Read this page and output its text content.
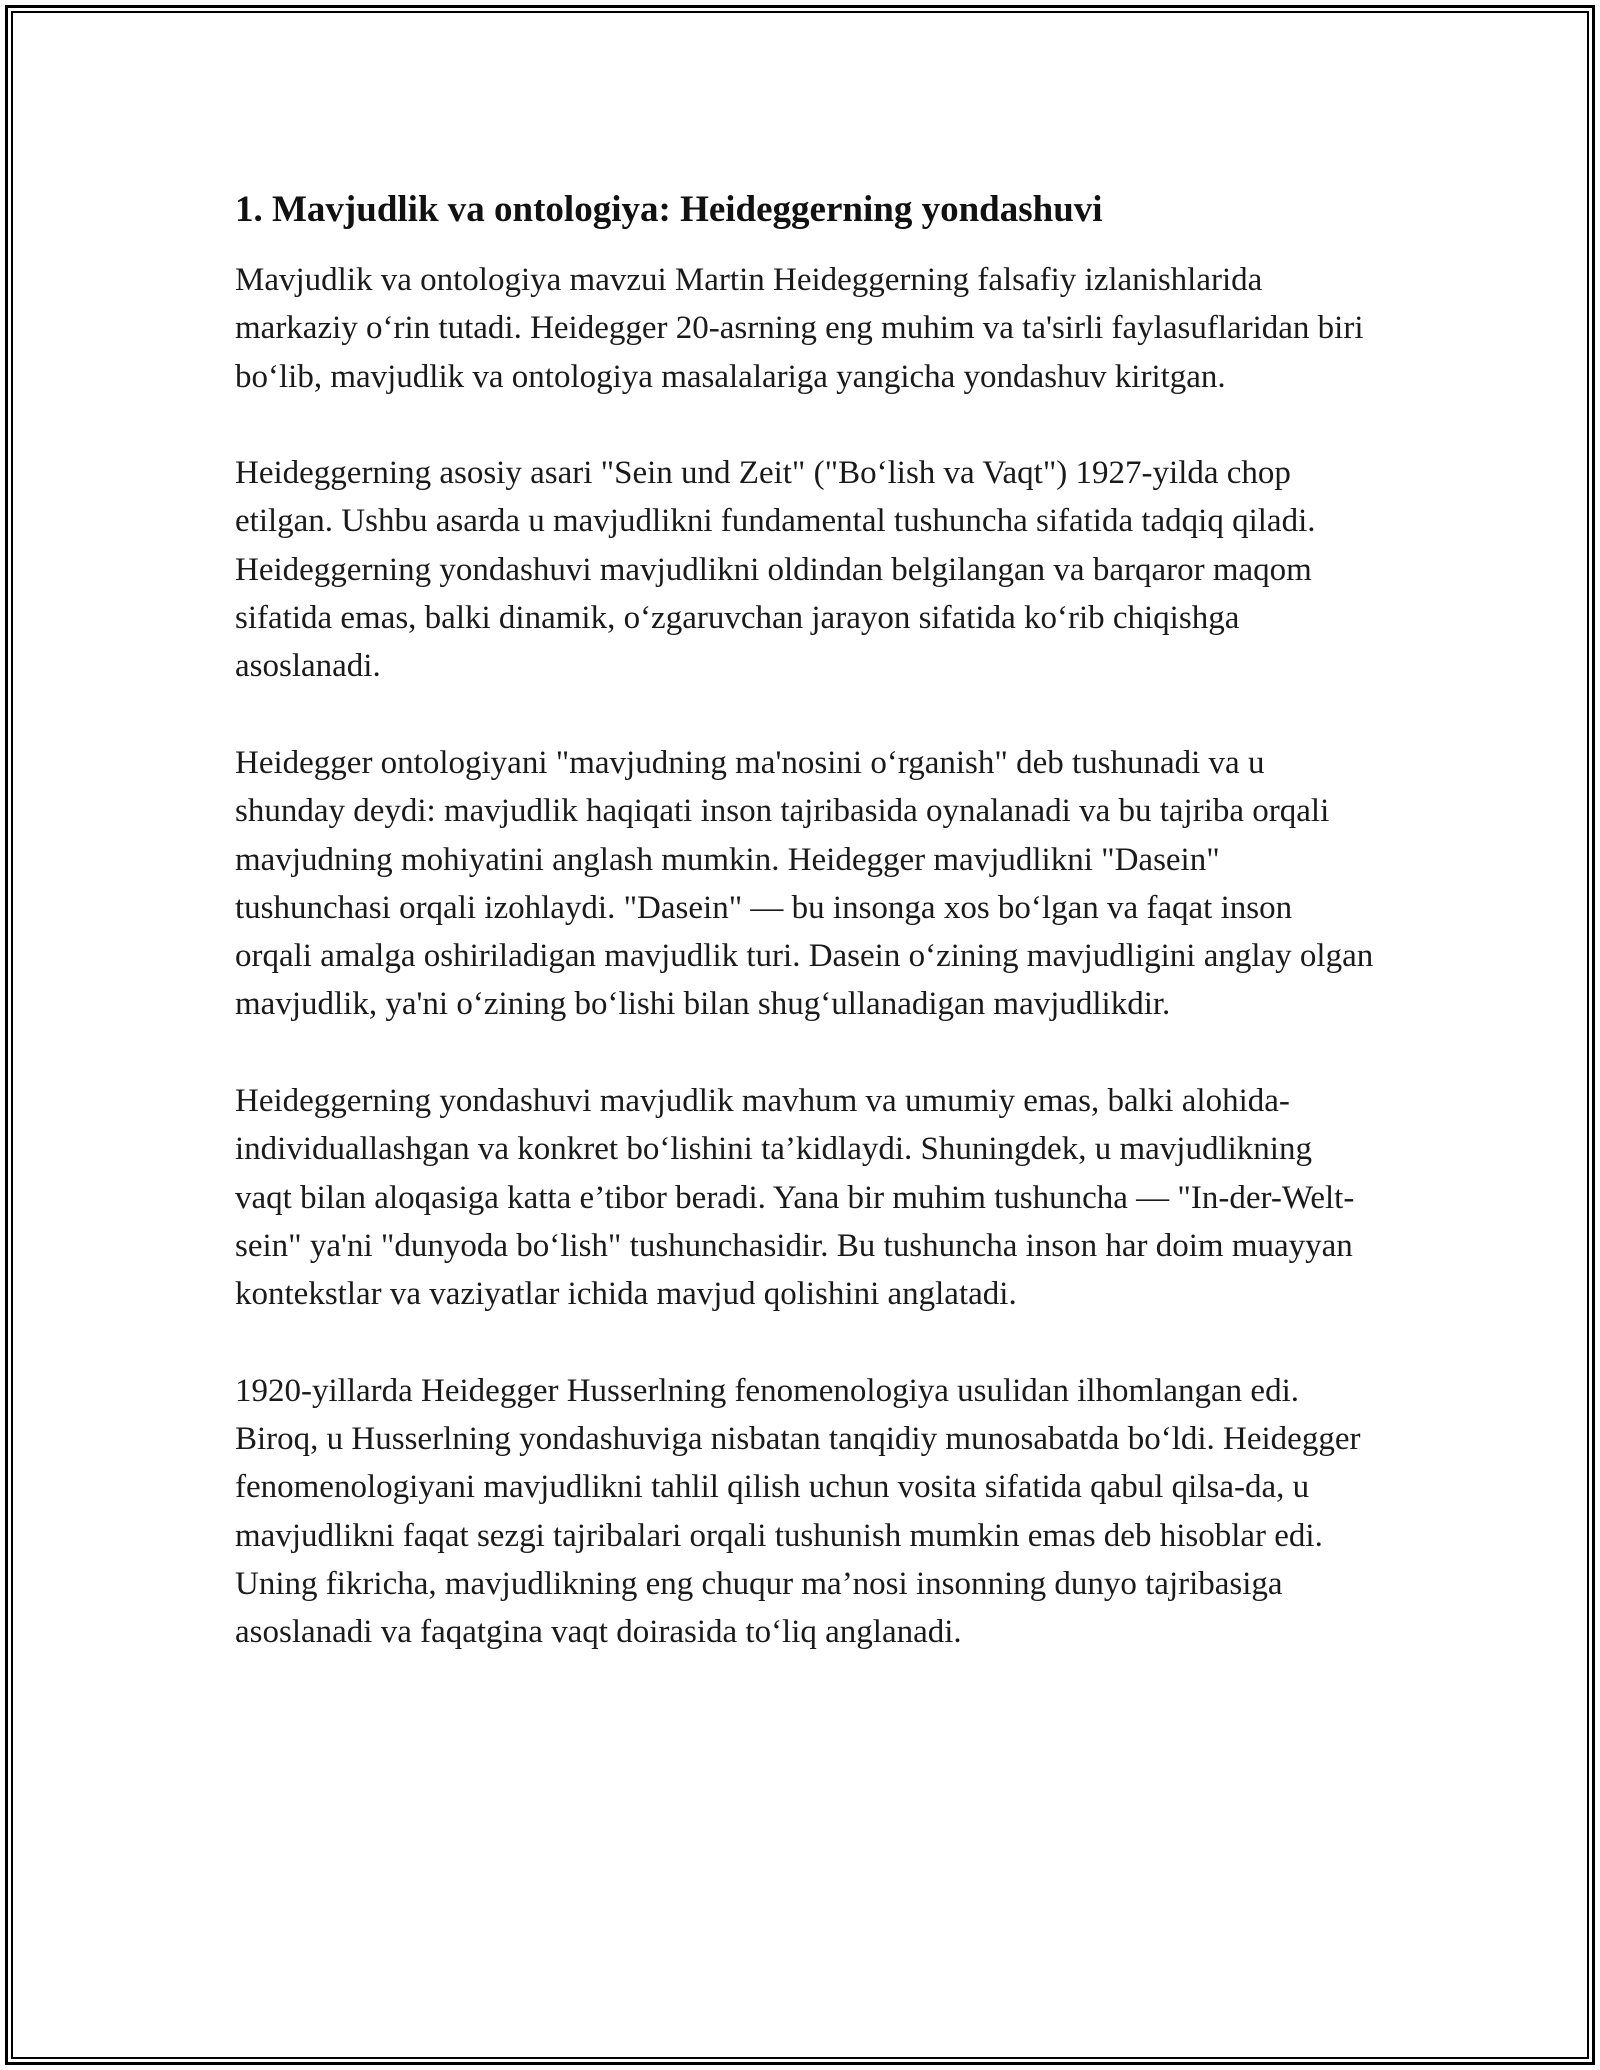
1. Mavjudlik va ontologiya: Heideggerning yondashuvi

Mavjudlik va ontologiya mavzui Martin Heideggerning falsafiy izlanishlarida markaziy o‘rin tutadi. Heidegger 20-asrning eng muhim va ta'sirli faylasuflaridan biri bo‘lib, mavjudlik va ontologiya masalalariga yangicha yondashuv kiritgan.

Heideggerning asosiy asari "Sein und Zeit" ("Bo‘lish va Vaqt") 1927-yilda chop etilgan. Ushbu asarda u mavjudlikni fundamental tushuncha sifatida tadqiq qiladi. Heideggerning yondashuvi mavjudlikni oldindan belgilangan va barqaror maqom sifatida emas, balki dinamik, o‘zgaruvchan jarayon sifatida ko‘rib chiqishga asoslanadi.

Heidegger ontologiyani "mavjudning ma'nosini o‘rganish" deb tushunadi va u shunday deydi: mavjudlik haqiqati inson tajribasida oynalanadi va bu tajriba orqali mavjudning mohiyatini anglash mumkin. Heidegger mavjudlikni "Dasein" tushunchasi orqali izohlaydi. "Dasein" — bu insonga xos bo‘lgan va faqat inson orqali amalga oshiriladigan mavjudlik turi. Dasein o‘zining mavjudligini anglay olgan mavjudlik, ya'ni o‘zining bo‘lishi bilan shug‘ullanadigan mavjudlikdir.

Heideggerning yondashuvi mavjudlik mavhum va umumiy emas, balki alohida-individuallashgan va konkret bo‘lishini ta’kidlaydi. Shuningdek, u mavjudlikning vaqt bilan aloqasiga katta e’tibor beradi. Yana bir muhim tushuncha — "In-der-Welt-sein" ya'ni "dunyoda bo‘lish" tushunchasidir. Bu tushuncha inson har doim muayyan kontekstlar va vaziyatlar ichida mavjud qolishini anglatadi.

1920-yillarda Heidegger Husserlning fenomenologiya usulidan ilhomlangan edi. Biroq, u Husserlning yondashuviga nisbatan tanqidiy munosabatda bo‘ldi. Heidegger fenomenologiyani mavjudlikni tahlil qilish uchun vosita sifatida qabul qilsa-da, u mavjudlikni faqat sezgi tajribalari orqali tushunish mumkin emas deb hisoblar edi. Uning fikricha, mavjudlikning eng chuqur ma’nosi insonning dunyo tajribasiga asoslanadi va faqatgina vaqt doirasida to‘liq anglanadi.
